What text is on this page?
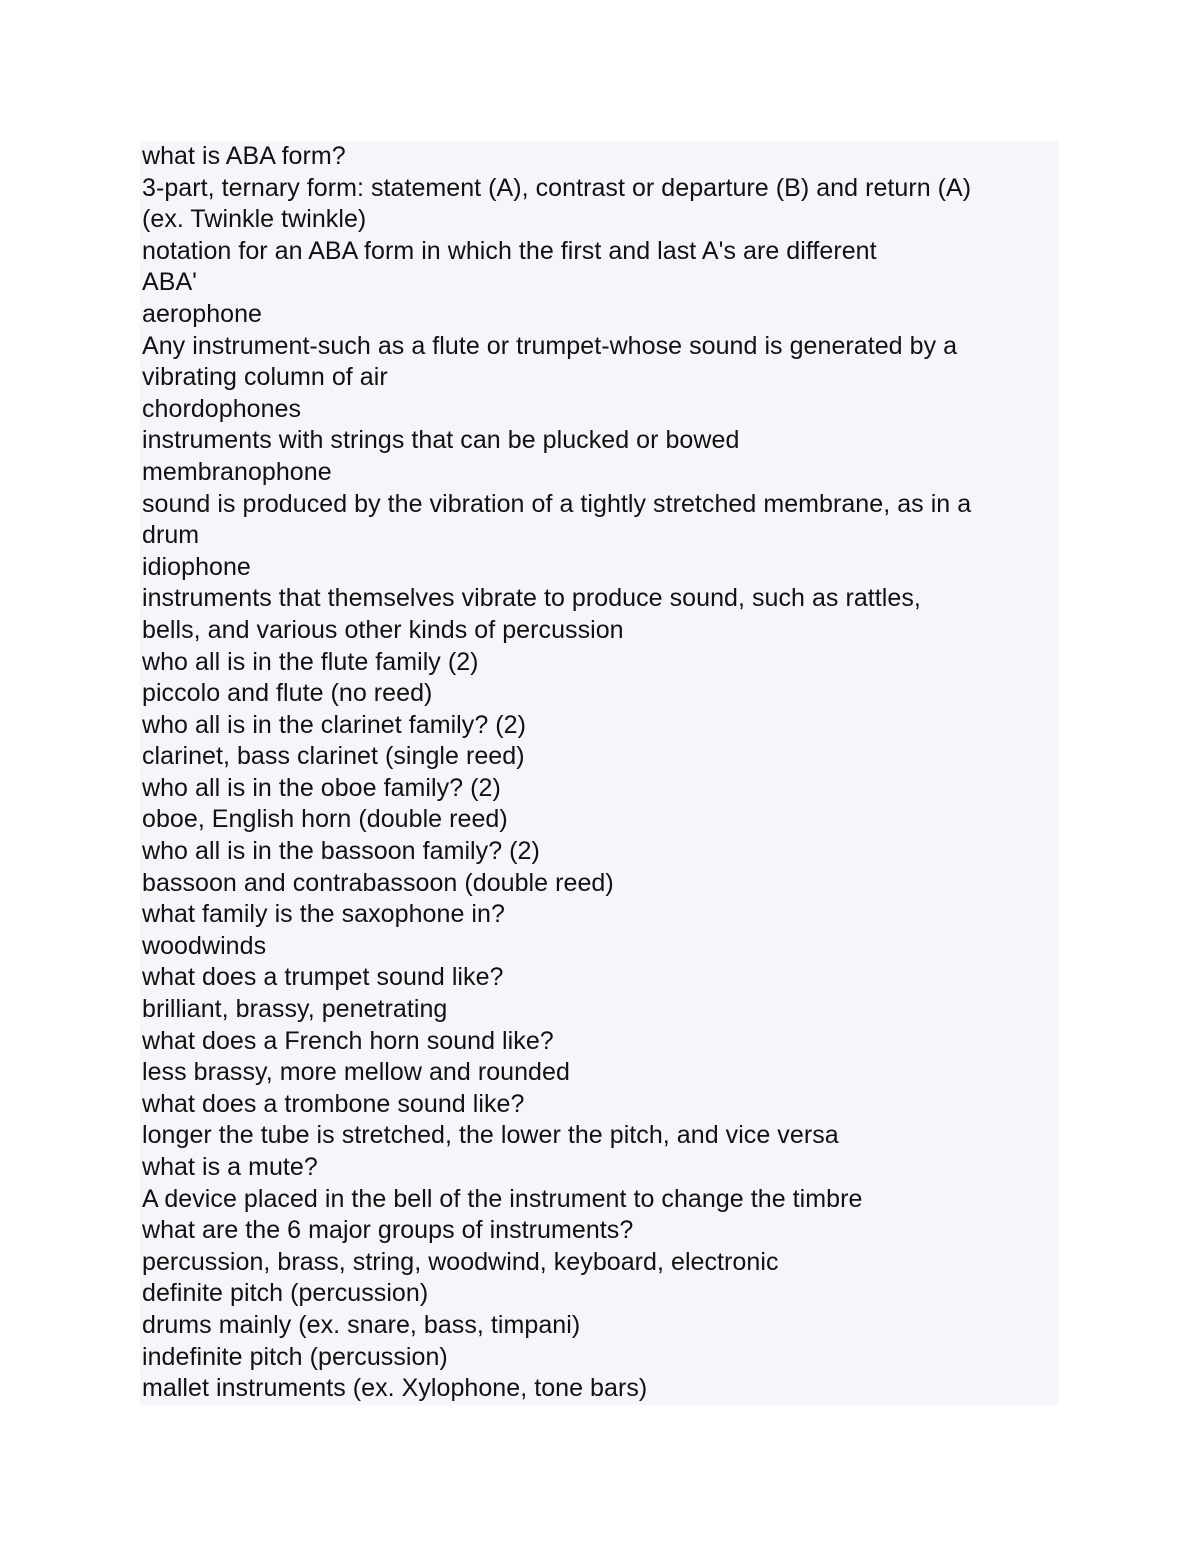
what is ABA form?
3-part, ternary form: statement (A), contrast or departure (B) and return (A)
(ex. Twinkle twinkle)
notation for an ABA form in which the first and last A's are different
ABA'
aerophone
Any instrument-such as a flute or trumpet-whose sound is generated by a
vibrating column of air
chordophones
instruments with strings that can be plucked or bowed
membranophone
sound is produced by the vibration of a tightly stretched membrane, as in a
drum
idiophone
instruments that themselves vibrate to produce sound, such as rattles,
bells, and various other kinds of percussion
who all is in the flute family (2)
piccolo and flute (no reed)
who all is in the clarinet family? (2)
clarinet, bass clarinet (single reed)
who all is in the oboe family? (2)
oboe, English horn (double reed)
who all is in the bassoon family? (2)
bassoon and contrabassoon (double reed)
what family is the saxophone in?
woodwinds
what does a trumpet sound like?
brilliant, brassy, penetrating
what does a French horn sound like?
less brassy, more mellow and rounded
what does a trombone sound like?
longer the tube is stretched, the lower the pitch, and vice versa
what is a mute?
A device placed in the bell of the instrument to change the timbre
what are the 6 major groups of instruments?
percussion, brass, string, woodwind, keyboard, electronic
definite pitch (percussion)
drums mainly (ex. snare, bass, timpani)
indefinite pitch (percussion)
mallet instruments (ex. Xylophone, tone bars)
